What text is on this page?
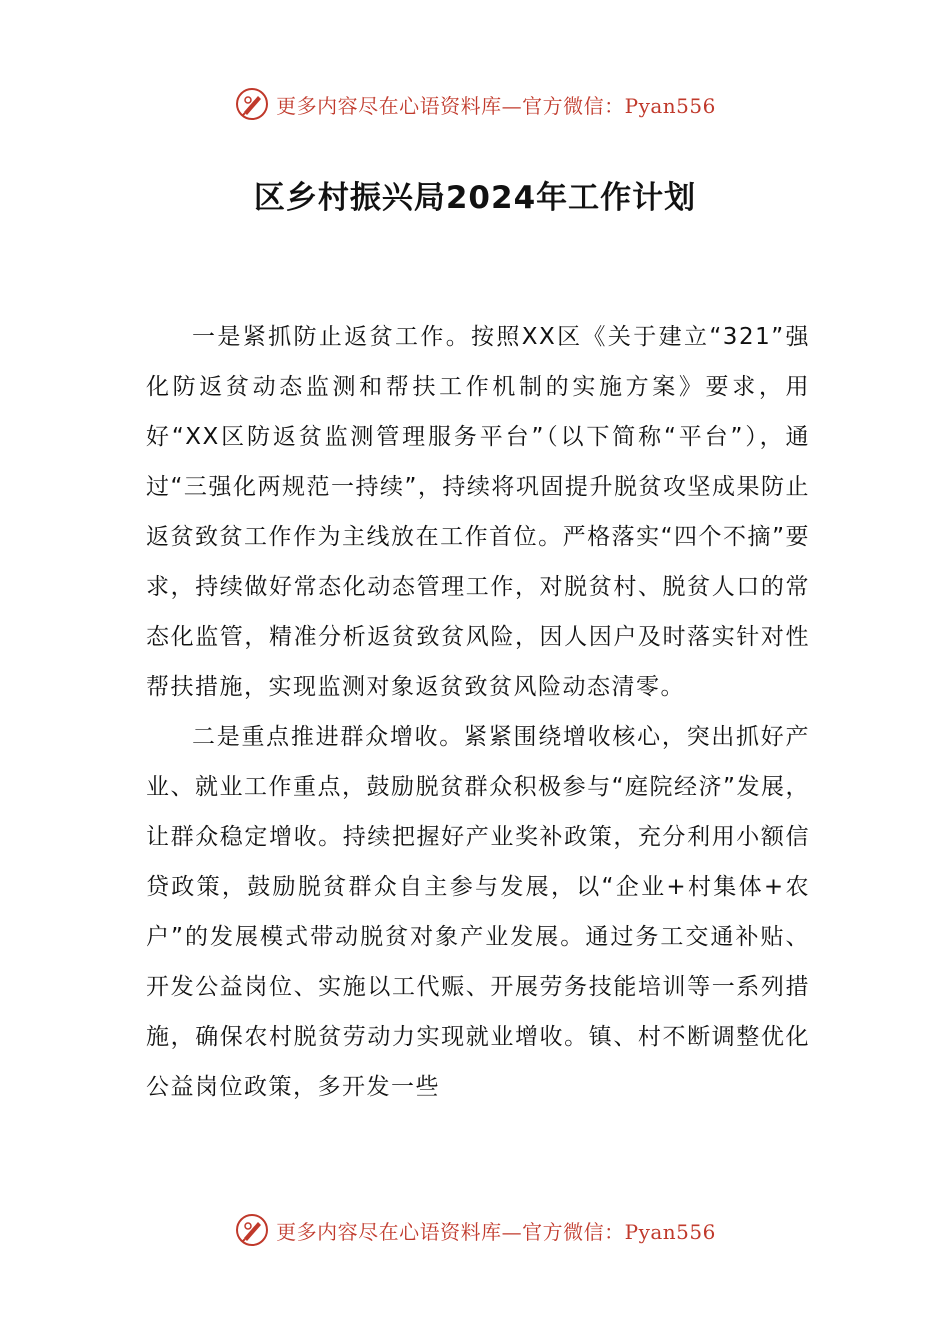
更多内容尽在心语资料库—官方微信：Pyan556
区乡村振兴局2024年工作计划

一是紧抓防止返贫工作。按照XX区《关于建立“321”强化防返贫动态监测和帮扶工作机制的实施方案》要求，用好“XX区防返贫监测管理服务平台”（以下简称“平台”），通过“三强化两规范一持续”，持续将巩固提升脱贫攻坚成果防止返贫致贫工作作为主线放在工作首位。严格落实“四个不摘”要求，持续做好常态化动态管理工作，对脱贫村、脱贫人口的常态化监管，精准分析返贫致贫风险，因人因户及时落实针对性帮扶措施，实现监测对象返贫致贫风险动态清零。

二是重点推进群众增收。紧紧围绕增收核心，突出抓好产业、就业工作重点，鼓励脱贫群众积极参与“庭院经济”发展，让群众稳定增收。持续把握好产业奖补政策，充分利用小额信贷政策，鼓励脱贫群众自主参与发展，以“企业+村集体+农户”的发展模式带动脱贫对象产业发展。通过务工交通补贴、开发公益岗位、实施以工代赈、开展劳务技能培训等一系列措施，确保农村脱贫劳动力实现就业增收。镇、村不断调整优化公益岗位政策，多开发一些

更多内容尽在心语资料库—官方微信：Pyan556
